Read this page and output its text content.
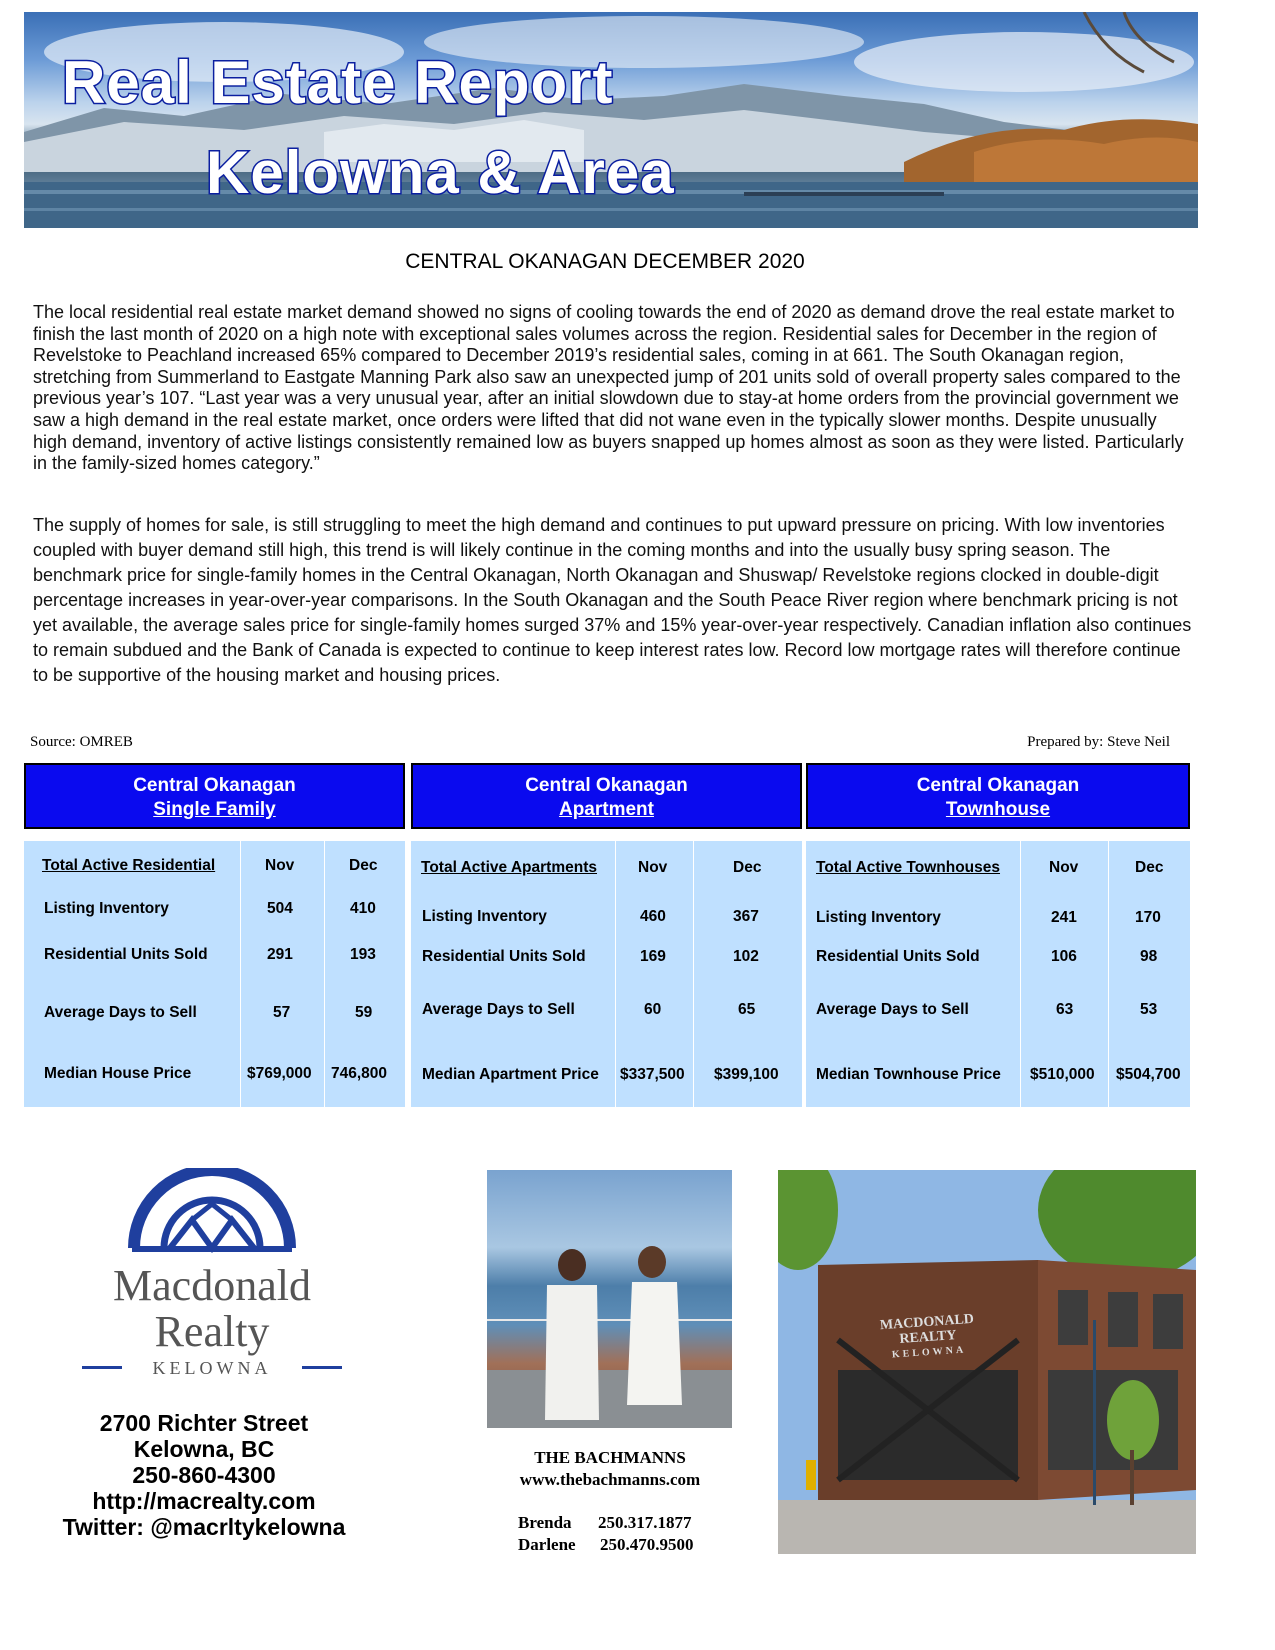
Real Estate Report
Kelowna & Area
CENTRAL OKANAGAN DECEMBER 2020
The local residential real estate market demand showed no signs of cooling towards the end of 2020 as demand drove the real estate market to finish the last month of 2020 on a high note with exceptional sales volumes across the region. Residential sales for December in the region of Revelstoke to Peachland increased 65% compared to December 2019’s residential sales, coming in at 661. The South Okanagan region, stretching from Summerland to Eastgate Manning Park also saw an unexpected jump of 201 units sold of overall property sales compared to the previous year’s 107. “Last year was a very unusual year, after an initial slowdown due to stay-at home orders from the provincial government we saw a high demand in the real estate market, once orders were lifted that did not wane even in the typically slower months. Despite unusually high demand, inventory of active listings consistently remained low as buyers snapped up homes almost as soon as they were listed. Particularly in the family-sized homes category.”
The supply of homes for sale, is still struggling to meet the high demand and continues to put upward pressure on pricing. With low inventories coupled with buyer demand still high, this trend is will likely continue in the coming months and into the usually busy spring season. The benchmark price for single-family homes in the Central Okanagan, North Okanagan and Shuswap/ Revelstoke regions clocked in double-digit percentage increases in year-over-year comparisons. In the South Okanagan and the South Peace River region where benchmark pricing is not yet available, the average sales price for single-family homes surged 37% and 15% year-over-year respectively. Canadian inflation also continues to remain subdued and the Bank of Canada is expected to continue to keep interest rates low. Record low mortgage rates will therefore continue to be supportive of the housing market and housing prices.
Source: OMREB	Prepared by: Steve Neil
Central Okanagan
Single Family
Total Active Residential	Nov	Dec
Listing Inventory	504	410
Residential Units Sold	291	193
Average Days to Sell	57	59
Median House Price	$769,000 746,800
Central Okanagan
Apartment
Total Active Apartments	Nov	Dec
Listing Inventory	460	367
Residential Units Sold	169	102
Average Days to Sell	60	65
Median Apartment Price $337,500 $399,100
Central Okanagan
Townhouse
Total Active Townhouses	Nov	Dec
Listing Inventory	241	170
Residential Units Sold	106	98
Average Days to Sell	63	53
Median Townhouse Price $510,000 $504,700
Macdonald
Realty
KELOWNA
2700 Richter Street
Kelowna, BC
250-860-4300
http://macrealty.com
Twitter: @macrltykelowna
THE BACHMANNS
www.thebachmanns.com
Brenda 250.317.1877
Darlene 250.470.9500
MACDONALD
REALTY
KELOWNA
